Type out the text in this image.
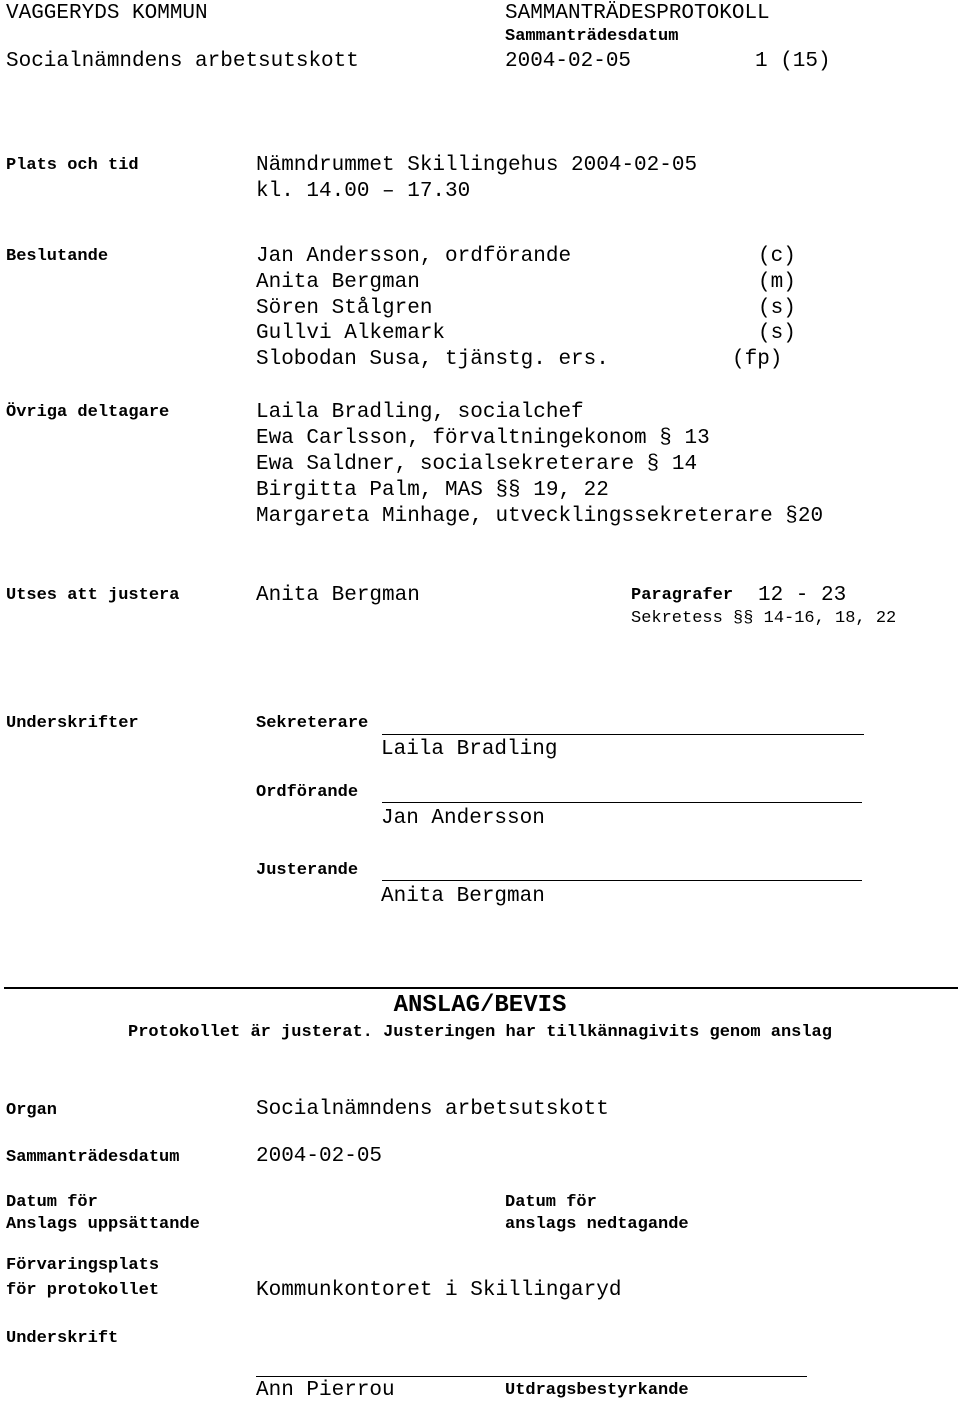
VAGGERYDS KOMMUN	SAMMANTRÄDESPROTOKOLL
Sammanträdesdatum
Socialnämndens arbetsutskott	2004-02-05	1 (15)
Plats och tid	Nämndrummet Skillingehus 2004-02-05
kl. 14.00 – 17.30
Beslutande	Jan Andersson, ordförande	(c)
Anita Bergman	(m)
Sören Stålgren	(s)
Gullvi Alkemark	(s)
Slobodan Susa, tjänstg. ers.	(fp)
Övriga deltagare	Laila Bradling, socialchef
Ewa Carlsson, förvaltningekonom § 13
Ewa Saldner, socialsekreterare § 14
Birgitta Palm, MAS §§ 19, 22
Margareta Minhage, utvecklingssekreterare §20
Utses att justera	Anita Bergman	Paragrafer 12 - 23
Sekretess §§ 14-16, 18, 22
Underskrifter	Sekreterare
Laila Bradling
Ordförande
Jan Andersson
Justerande
Anita Bergman
ANSLAG/BEVIS
Protokollet är justerat. Justeringen har tillkännagivits genom anslag
Organ	Socialnämndens arbetsutskott
Sammanträdesdatum	2004-02-05
Datum för
Anslags uppsättande
Datum för
anslags nedtagande
Förvaringsplats
för protokollet	Kommunkontoret i Skillingaryd
Underskrift
Ann Pierrou	Utdragsbestyrkande
